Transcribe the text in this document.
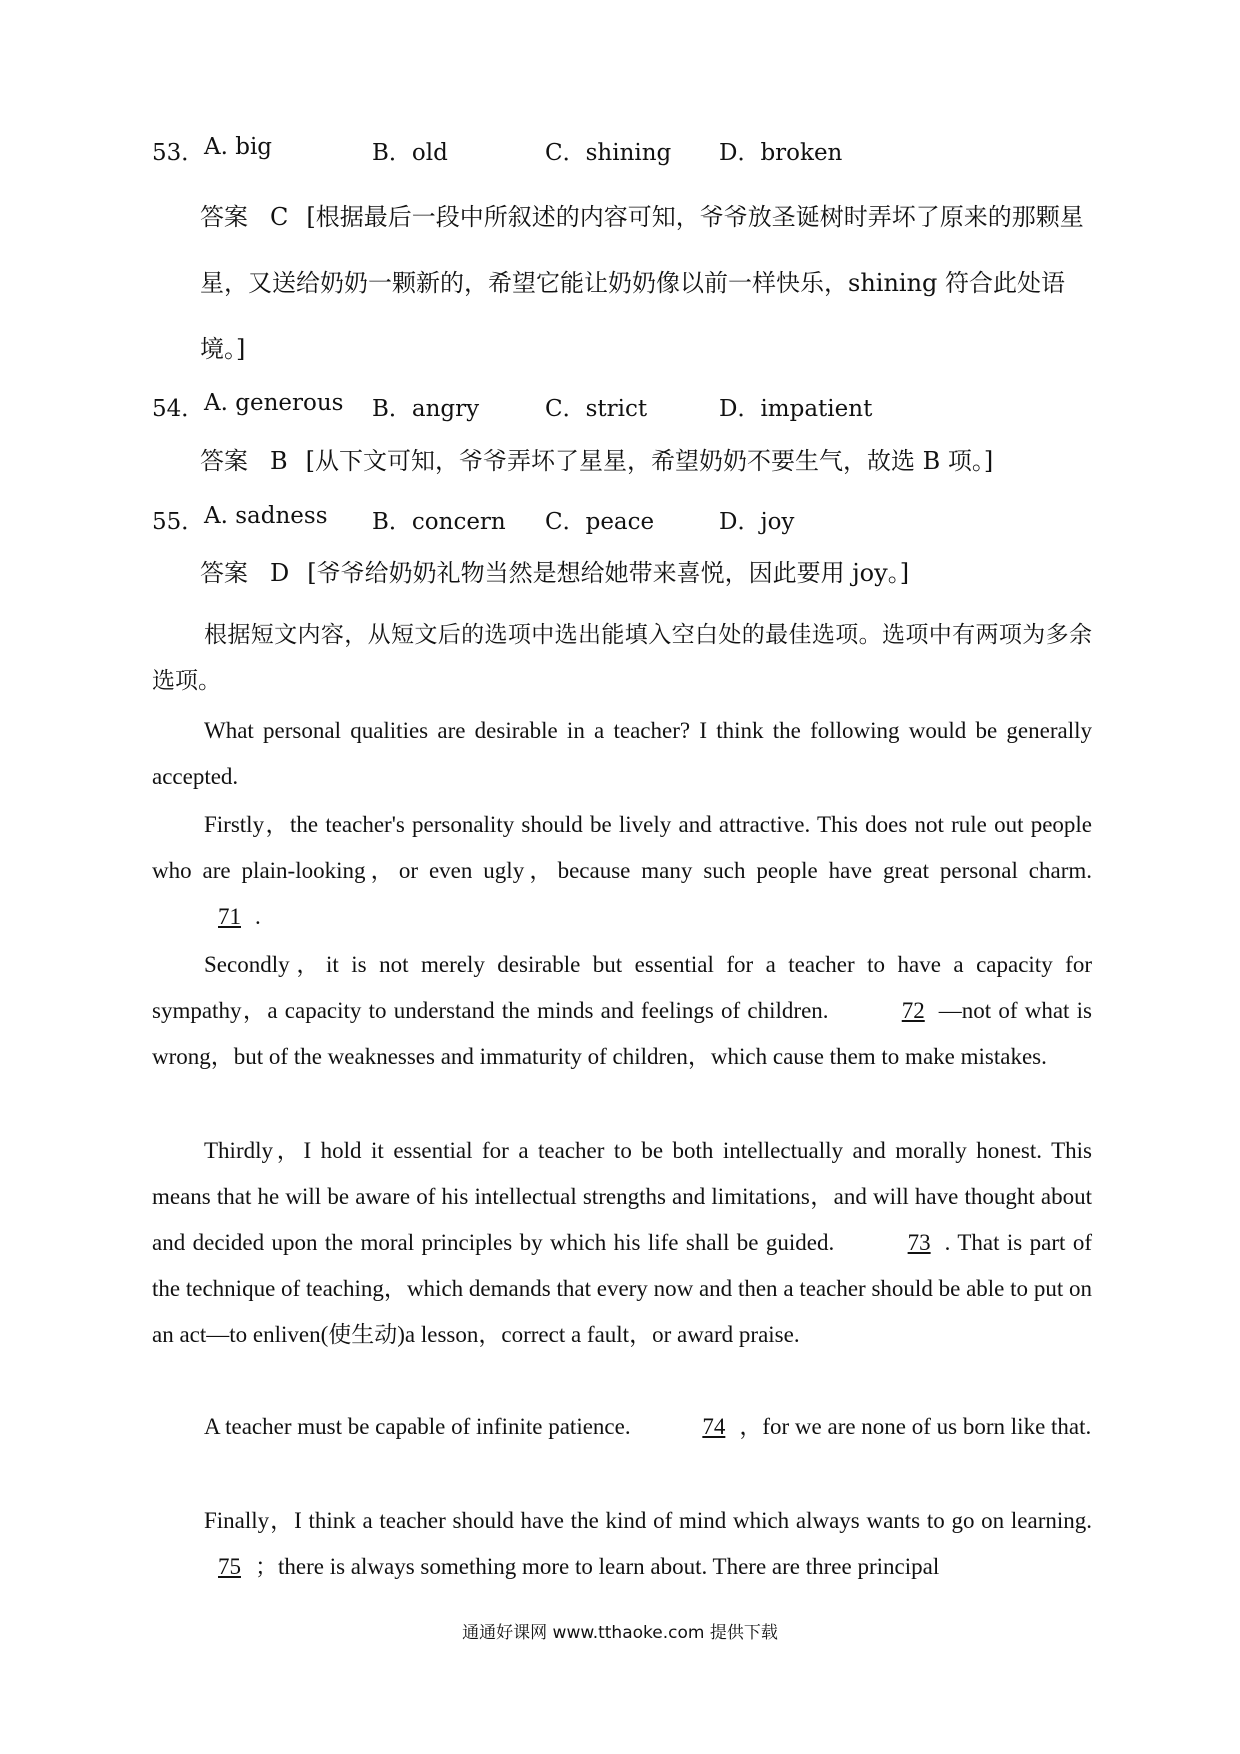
53． A. big	B．old	C．shining D．broken
答案 C [根据最后一段中所叙述的内容可知，爷爷放圣诞树时弄坏了原来的那颗星星，又送给奶奶一颗新的，希望它能让奶奶像以前一样快乐，shining 符合此处语境。]
54． A. generous B．angry	C．strict	D．impatient
答案 B [从下文可知，爷爷弄坏了星星，希望奶奶不要生气，故选 B 项。]
55． A. sadness B．concern C．peace	D．joy
答案 D [爷爷给奶奶礼物当然是想给她带来喜悦，因此要用 joy。]
根据短文内容，从短文后的选项中选出能填入空白处的最佳选项。选项中有两项为多余选项。
What personal qualities are desirable in a teacher? I think the following would be generally accepted.
Firstly，the teacher's personality should be lively and attractive. This does not rule out people who are plain-looking，or even ugly，because many such people have great personal charm. 71 .
Secondly，it is not merely desirable but essential for a teacher to have a capacity for sympathy，a capacity to understand the minds and feelings of children.	72 —not of what is wrong，but of the weaknesses and immaturity of children，which cause them to make mistakes.
Thirdly，I hold it essential for a teacher to be both intellectually and morally honest. This means that he will be aware of his intellectual strengths and limitations，and will have thought about and decided upon the moral principles by which his life shall be guided.	73 . That is part of the technique of teaching，which demands that every now and then a teacher should be able to put on an act—to enliven(使生动)a lesson，correct a fault，or award praise.
A teacher must be capable of infinite patience.	74 ，for we are none of us born like that.
Finally，I think a teacher should have the kind of mind which always wants to go on learning. 75 ；there is always something more to learn about. There are three principal
通通好课网 www.tthaoke.com 提供下载
